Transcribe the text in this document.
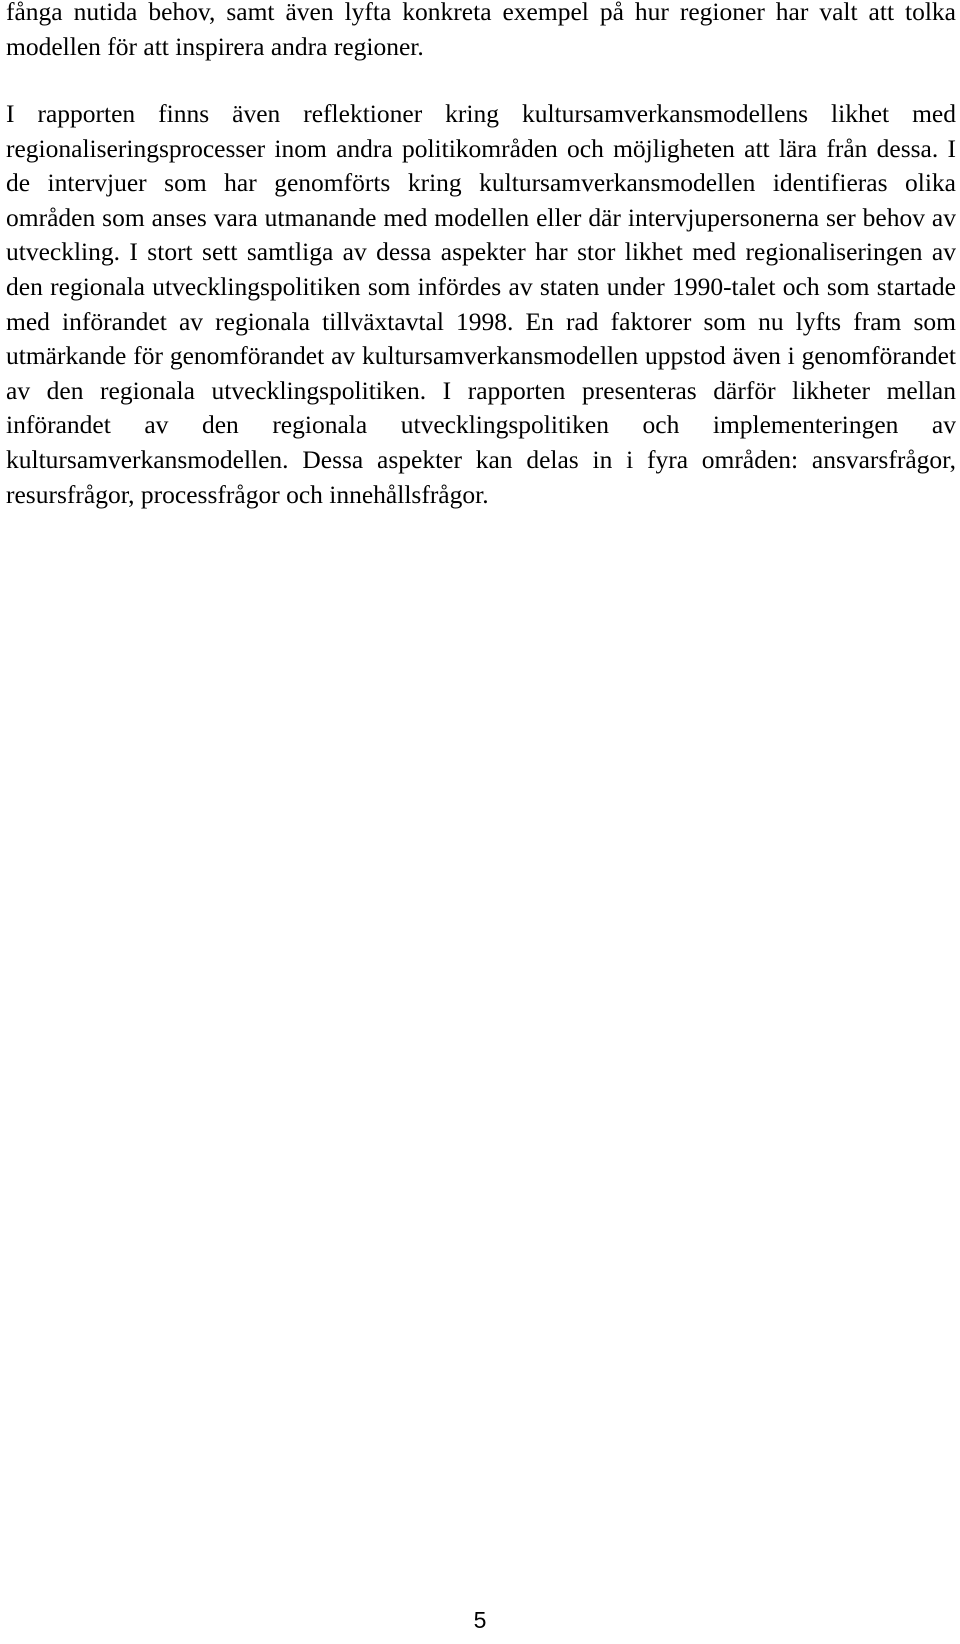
fånga nutida behov, samt även lyfta konkreta exempel på hur regioner har valt att tolka modellen för att inspirera andra regioner.

I rapporten finns även reflektioner kring kultursamverkansmodellens likhet med regionaliseringsprocesser inom andra politikområden och möjligheten att lära från dessa. I de intervjuer som har genomförts kring kultursamverkansmodellen identifieras olika områden som anses vara utmanande med modellen eller där intervjupersonerna ser behov av utveckling. I stort sett samtliga av dessa aspekter har stor likhet med regionaliseringen av den regionala utvecklingspolitiken som infördes av staten under 1990-talet och som startade med införandet av regionala tillväxtavtal 1998. En rad faktorer som nu lyfts fram som utmärkande för genomförandet av kultursamverkansmodellen uppstod även i genomförandet av den regionala utvecklingspolitiken. I rapporten presenteras därför likheter mellan införandet av den regionala utvecklingspolitiken och implementeringen av kultursamverkansmodellen. Dessa aspekter kan delas in i fyra områden: ansvarsfrågor, resursfrågor, processfrågor och innehållsfrågor.

5
